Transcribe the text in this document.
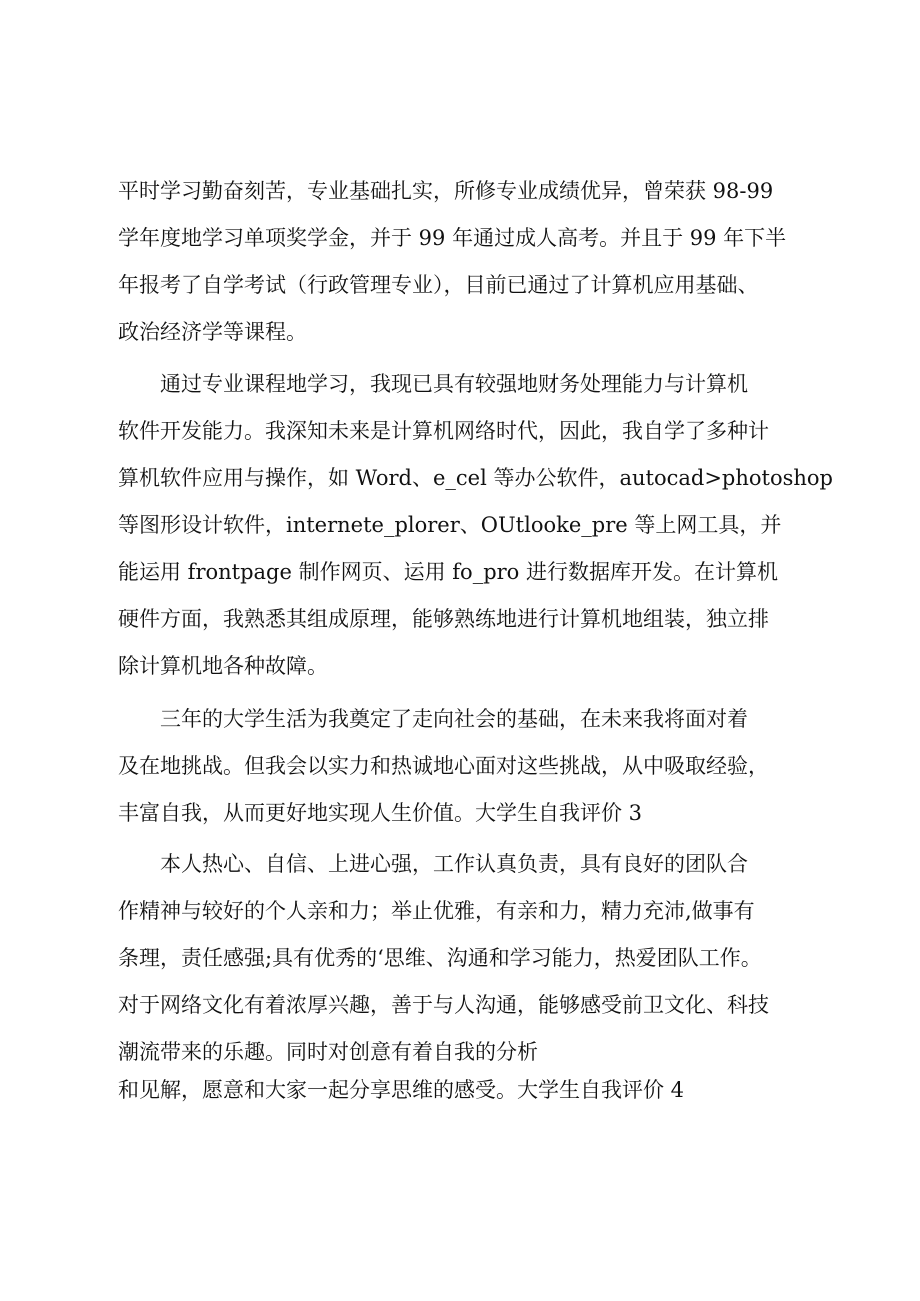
平时学习勤奋刻苦，专业基础扎实，所修专业成绩优异，曾荣获 98-99

学年度地学习单项奖学金，并于 99 年通过成人高考。并且于 99 年下半

年报考了自学考试（行政管理专业），目前已通过了计算机应用基础、

政治经济学等课程。

通过专业课程地学习，我现已具有较强地财务处理能力与计算机

软件开发能力。我深知未来是计算机网络时代，因此，我自学了多种计

算机软件应用与操作，如 Word、e_cel 等办公软件，autocad>photoshop

等图形设计软件，internete_plorer、OUtlooke_pre 等上网工具，并

能运用 frontpage 制作网页、运用 fo_pro 进行数据库开发。在计算机

硬件方面，我熟悉其组成原理，能够熟练地进行计算机地组装，独立排

除计算机地各种故障。

三年的大学生活为我奠定了走向社会的基础，在未来我将面对着

及在地挑战。但我会以实力和热诚地心面对这些挑战，从中吸取经验，

丰富自我，从而更好地实现人生价值。大学生自我评价 3

本人热心、自信、上进心强，工作认真负责，具有良好的团队合

作精神与较好的个人亲和力；举止优雅，有亲和力，精力充沛,做事有

条理，责任感强;具有优秀的‘思维、沟通和学习能力，热爱团队工作。

对于网络文化有着浓厚兴趣，善于与人沟通，能够感受前卫文化、科技

潮流带来的乐趣。同时对创意有着自我的分析

和见解，愿意和大家一起分享思维的感受。大学生自我评价 4
